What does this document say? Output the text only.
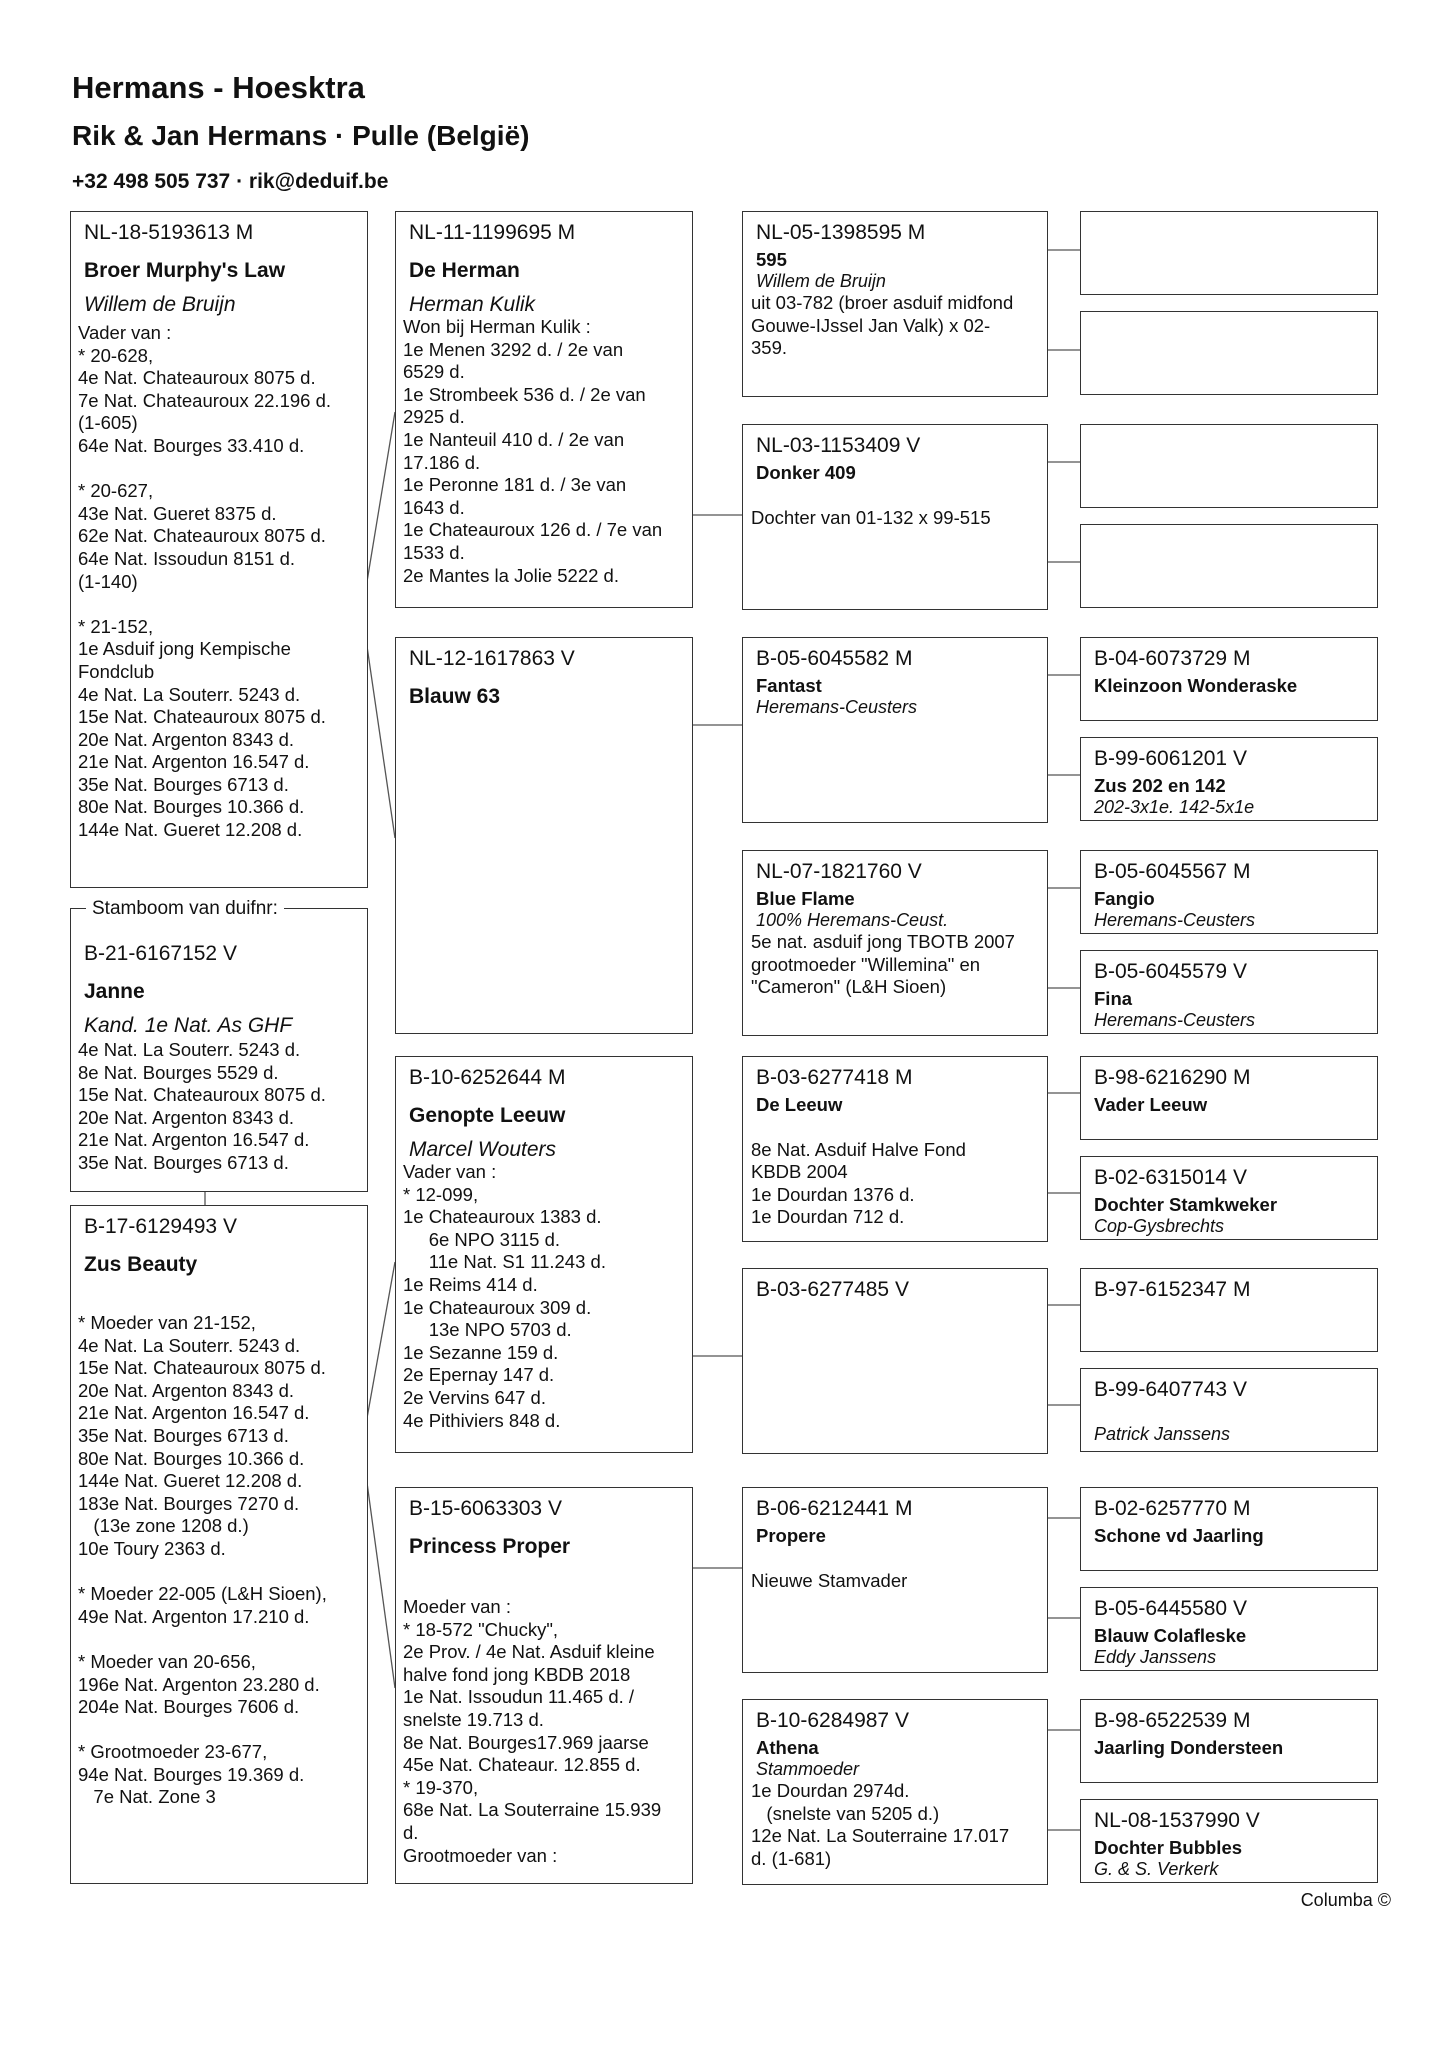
Hermans - Hoesktra
Rik & Jan Hermans · Pulle (België)
+32 498 505 737 · rik@deduif.be
NL-18-5193613 M
Broer Murphy's Law
Willem de Bruijn
Vader van :
* 20-628,
4e Nat. Chateauroux 8075 d.
7e Nat. Chateauroux 22.196 d.
(1-605)
64e Nat. Bourges 33.410 d.

* 20-627,
43e Nat. Gueret 8375 d.
62e Nat. Chateauroux 8075 d.
64e Nat. Issoudun 8151 d.
(1-140)

* 21-152,
1e Asduif jong Kempische
Fondclub
4e Nat. La Souterr. 5243 d.
15e Nat. Chateauroux 8075 d.
20e Nat. Argenton 8343 d.
21e Nat. Argenton 16.547 d.
35e Nat. Bourges 6713 d.
80e Nat. Bourges 10.366 d.
144e Nat. Gueret 12.208 d.
B-21-6167152 V
Janne
Kand. 1e Nat. As GHF
4e Nat. La Souterr. 5243 d.
8e Nat. Bourges 5529 d.
15e Nat. Chateauroux 8075 d.
20e Nat. Argenton 8343 d.
21e Nat. Argenton 16.547 d.
35e Nat. Bourges 6713 d.
Stamboom van duifnr:
B-17-6129493 V
Zus Beauty
* Moeder van 21-152,
4e Nat. La Souterr. 5243 d.
15e Nat. Chateauroux 8075 d.
20e Nat. Argenton 8343 d.
21e Nat. Argenton 16.547 d.
35e Nat. Bourges 6713 d.
80e Nat. Bourges 10.366 d.
144e Nat. Gueret 12.208 d.
183e Nat. Bourges 7270 d.
(13e zone 1208 d.)
10e Toury 2363 d.

* Moeder 22-005 (L&H Sioen),
49e Nat. Argenton 17.210 d.

* Moeder van 20-656,
196e Nat. Argenton 23.280 d.
204e Nat. Bourges 7606 d.

* Grootmoeder 23-677,
94e Nat. Bourges 19.369 d.
7e Nat. Zone 3
NL-11-1199695 M
De Herman
Herman Kulik
Won bij Herman Kulik :
1e Menen 3292 d. / 2e van
6529 d.
1e Strombeek 536 d. / 2e van
2925 d.
1e Nanteuil 410 d. / 2e van
17.186 d.
1e Peronne 181 d. / 3e van
1643 d.
1e Chateauroux 126 d. / 7e van
1533 d.
2e Mantes la Jolie 5222 d.
NL-12-1617863 V
Blauw 63
B-10-6252644 M
Genopte Leeuw
Marcel Wouters
Vader van :
* 12-099,
1e Chateauroux 1383 d.
6e NPO 3115 d.
11e Nat. S1 11.243 d.
1e Reims 414 d.
1e Chateauroux 309 d.
13e NPO 5703 d.
1e Sezanne 159 d.
2e Epernay 147 d.
2e Vervins 647 d.
4e Pithiviers 848 d.
B-15-6063303 V
Princess Proper
Moeder van :
* 18-572 "Chucky",
2e Prov. / 4e Nat. Asduif kleine
halve fond jong KBDB 2018
1e Nat. Issoudun 11.465 d. /
snelste 19.713 d.
8e Nat. Bourges17.969 jaarse
45e Nat. Chateaur. 12.855 d.
* 19-370,
68e Nat. La Souterraine 15.939
d.
Grootmoeder van :
NL-05-1398595 M
595
Willem de Bruijn
uit 03-782 (broer asduif midfond
Gouwe-IJssel Jan Valk) x 02-
359.
NL-03-1153409 V
Donker 409

Dochter van 01-132 x 99-515
B-05-6045582 M
Fantast
Heremans-Ceusters
NL-07-1821760 V
Blue Flame
100% Heremans-Ceust.
5e nat. asduif jong TBOTB 2007
grootmoeder "Willemina" en
"Cameron" (L&H Sioen)
B-03-6277418 M
De Leeuw

8e Nat. Asduif Halve Fond
KBDB 2004
1e Dourdan 1376 d.
1e Dourdan 712 d.
B-03-6277485 V
B-06-6212441 M
Propere

Nieuwe Stamvader
B-10-6284987 V
Athena
Stammoeder
1e Dourdan 2974d.
(snelste van 5205 d.)
12e Nat. La Souterraine 17.017
d. (1-681)
B-04-6073729 M
Kleinzoon Wonderaske
B-99-6061201 V
Zus 202 en 142
202-3x1e. 142-5x1e
B-05-6045567 M
Fangio
Heremans-Ceusters
B-05-6045579 V
Fina
Heremans-Ceusters
B-98-6216290 M
Vader Leeuw
B-02-6315014 V
Dochter Stamkweker
Cop-Gysbrechts
B-97-6152347 M
B-99-6407743 V

Patrick Janssens
B-02-6257770 M
Schone vd Jaarling
B-05-6445580 V
Blauw Colafleske
Eddy Janssens
B-98-6522539 M
Jaarling Dondersteen
NL-08-1537990 V
Dochter Bubbles
G. & S. Verkerk
Columba ©
